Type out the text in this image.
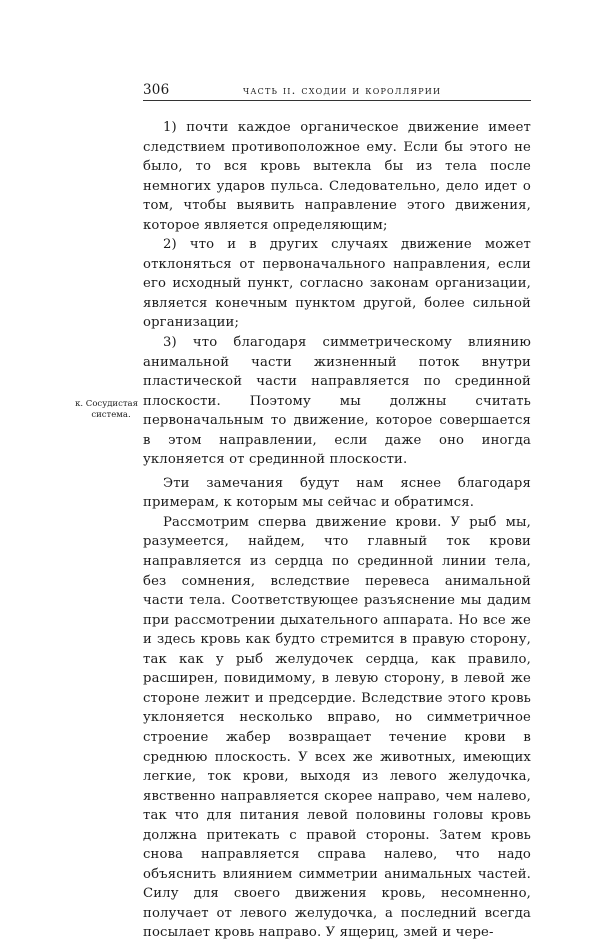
306	часть ii. сходии и короллярии
к. Сосудистая
система.

1) почти каждое органическое движение имеет следствием противоположное ему. Если бы этого не было, то вся кровь вытекла бы из тела после немногих ударов пульса. Следовательно, дело идет о том, чтобы выявить направление этого движения, которое является определяющим;

2) что и в других случаях движение может отклоняться от первоначального направления, если его исходный пункт, согласно законам организации, является конечным пунктом другой, более сильной организации;

3) что благодаря симметрическому влиянию анимальной части жизненный поток внутри пластической части направляется по срединной плоскости. Поэтому мы должны считать первоначальным то движение, которое совершается в этом направлении, если даже оно иногда уклоняется от срединной плоскости.

Эти замечания будут нам яснее благодаря примерам, к которым мы сейчас и обратимся.

Рассмотрим сперва движение крови. У рыб мы, разумеется, найдем, что главный ток крови направляется из сердца по срединной линии тела, без сомнения, вследствие перевеса анимальной части тела. Соответствующее разъяснение мы дадим при рассмотрении дыхательного аппарата. Но все же и здесь кровь как будто стремится в правую сторону, так как у рыб желудочек сердца, как правило, расширен, повидимому, в левую сторону, в левой же стороне лежит и предсердие. Вследствие этого кровь уклоняется несколько вправо, но симметричное строение жабер возвращает течение крови в среднюю плоскость. У всех же животных, имеющих легкие, ток крови, выходя из левого желудочка, явственно направляется скорее направо, чем налево, так что для питания левой половины головы кровь должна притекать с правой стороны. Затем кровь снова направляется справа налево, что надо объяснить влиянием симметрии анимальных частей. Силу для своего движения кровь, несомненно, получает от левого желудочка, а последний всегда посылает кровь направо. У ящериц, змей и чере-
